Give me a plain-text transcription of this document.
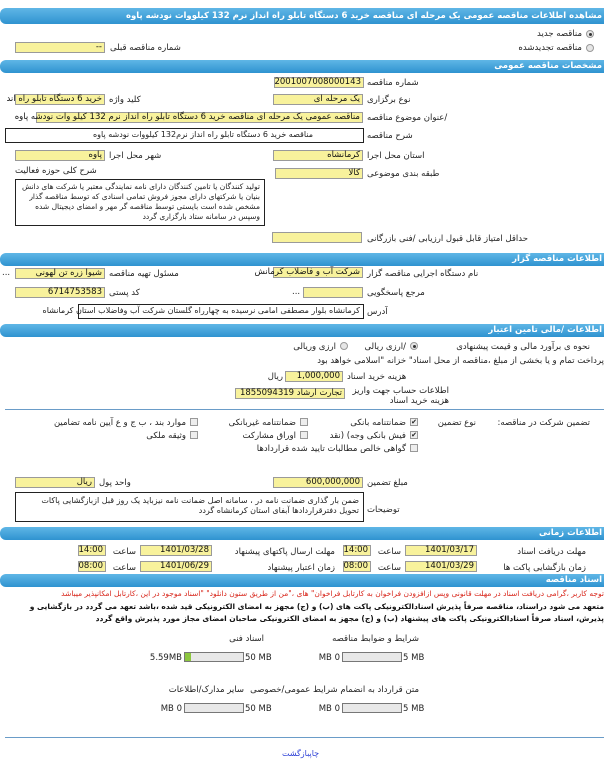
مشاهده اطلاعات مناقصه عمومی یک مرحله ای مناقصه خرید 6 دستگاه تابلو راه انداز نرم 132 کیلووات نودشه پاوه
مناقصه جدید
مناقصه تجدیدشده
شماره مناقصه قبلی
--
مشخصات مناقصه عمومی
شماره مناقصه
2001007008000143
نوع برگزاری
یک مرحله ای
کلید واژه
خرید 6 دستگاه تابلو راه اند
/عنوان موضوع مناقصه
مناقصه عمومی یک مرحله ای مناقصه خرید 6 دستگاه تابلو راه انداز نرم 132 کیلو وات نودشه پاوه
شرح مناقصه
مناقصه خرید 6 دستگاه تابلو راه انداز نرم132 کیلووات نودشه پاوه
استان محل اجرا
کرمانشاه
شهر محل اجرا
پاوه
طبقه بندی موضوعی
کالا
شرح کلی حوزه فعالیت
تولید کنندگان یا تامین کنندگان دارای نامه نمایندگی معتبر یا شرکت های دانش بنیان یا شرکتهای دارای مجوز فروش تمامی اسنادی که توسط مناقصه گذار مشخص شده است بایستی توسط مناقصه گر مهر و امضای دیجیتال شده وسپس در سامانه ستاد بارگزاری گردد
حداقل امتیاز قابل قبول ارزیابی /فنی بازرگانی
اطلاعات مناقصه گزار
نام دستگاه اجرایی مناقصه گزار
شرکت آب و فاضلاب کرمانش
مسئول تهیه مناقصه
شیوا زره تن لهونی
...
مرجع پاسخگویی
...
کد پستی
6714753583
آدرس
کرمانشاه بلوار مصطفی امامی نرسیده به چهارراه گلستان شرکت آب وفاضلاب استان کرمانشاه
اطلاعات /مالی تامین اعتبار
نحوه ی برآورد مالی و قیمت پیشنهادی
/ارزی ریالی
ارزی وریالی
پرداخت تمام و یا بخشی از مبلغ ،مناقصه از محل اسناد" خزانه "اسلامی خواهد بود
هزینه خرید اسناد
1,000,000
ریال
اطلاعات حساب جهت واریز هزینه خرید اسناد
تجارت ارشاد 1855094319
تضمین شرکت در مناقصه:
نوع تضمین
✔
ضمانتنامه بانکی
ضمانتنامه غیربانکی
موارد بند ، ب ج و ع آیین نامه تضامین
✔
فیش بانکی وجه) (نقد
اوراق مشارکت
وثیقه ملکی
گواهی خالص مطالبات تایید شده قراردادها
مبلغ تضمین
600,000,000
واحد پول
ریال
توضیحات
ضمن بار گذاری ضمانت نامه در ، سامانه اصل ضمانت نامه نیزباید یک روز قبل ازبازگشایی پاکات تحویل دفترقراردادها آبفای استان کرمانشاه گردد
اطلاعات زمانی
مهلت دریافت اسناد
1401/03/17
ساعت
14:00
مهلت ارسال پاکتهای پیشنهاد
1401/03/28
ساعت
14:00
زمان بازگشایی پاکت ها
1401/03/29
ساعت
08:00
زمان اعتبار پیشنهاد
1401/06/29
ساعت
08:00
اسناد مناقصه
توجه کاربر ،گرامی دریافت اسناد در مهلت قانونی وپس ازافزودن فراخوان به کارتابل فراخوان" های ،"من از طریق ستون دانلود" "اسناد موجود در این ،کارتابل امکانپذیر میباشد
متعهد می شود دراسناد، مناقصه صرفاً پذیرش اسنادالکترونیکی پاکت های (ب) و (ج) مجهز به امضای الکترونیکی قید شده ،باشد تعهد می گردد در بازگشایی و
پذیرش، اسناد صرفاً اسنادالکترونیکی پاکت های پیشنهاد (ب) و (ج) مجهز به امضای الکترونیکی صاحبان امضای مجاز مورد پذیرش واقع گردد
شرایط و ضوابط مناقصه
0 MB	5 MB
اسناد فنی
5.59MB	50 MB
متن قرارداد به انضمام شرایط عمومی/خصوصی
0 MB	5 MB
سایر مدارک/اطلاعات
0 MB	50 MB
چاپبازگشت
